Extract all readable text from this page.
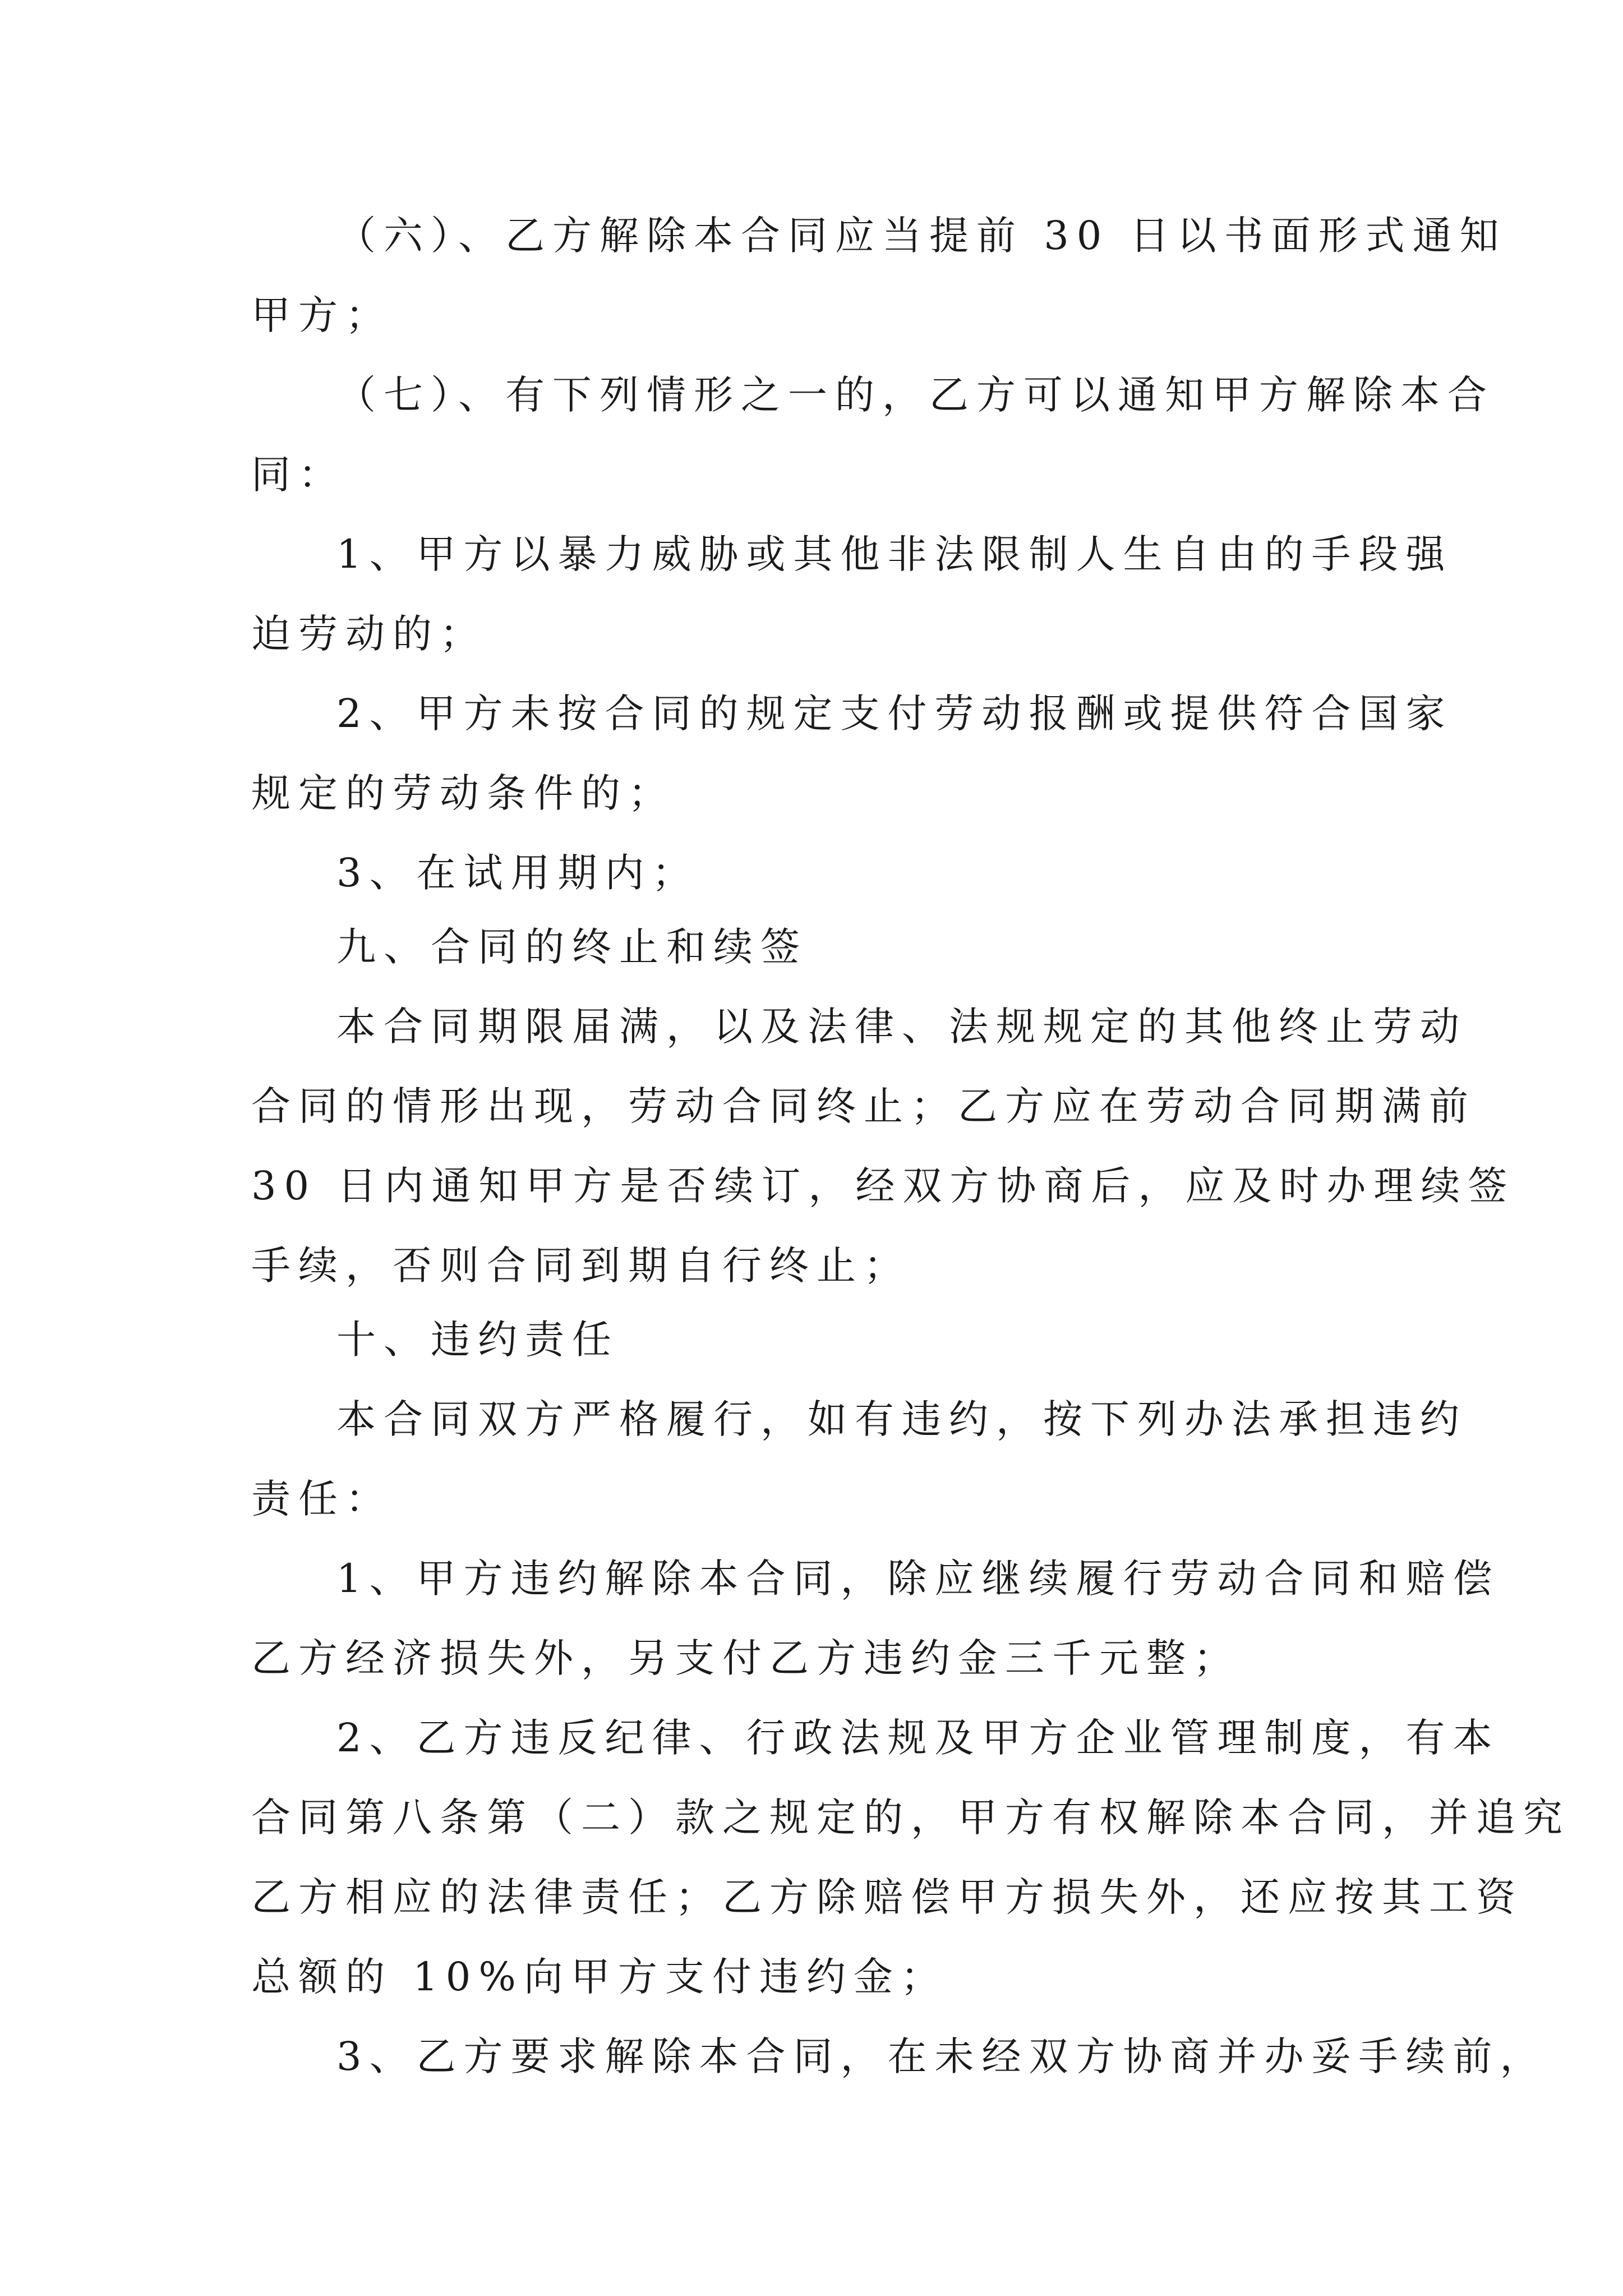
（六）、乙方解除本合同应当提前 30 日以书面形式通知
甲方；
（七）、有下列情形之一的，乙方可以通知甲方解除本合
同：
1、甲方以暴力威胁或其他非法限制人生自由的手段强
迫劳动的；
2、甲方未按合同的规定支付劳动报酬或提供符合国家
规定的劳动条件的；
3、在试用期内；
九、合同的终止和续签
本合同期限届满，以及法律、法规规定的其他终止劳动
合同的情形出现，劳动合同终止；乙方应在劳动合同期满前
30 日内通知甲方是否续订，经双方协商后，应及时办理续签
手续，否则合同到期自行终止；
十、违约责任
本合同双方严格履行，如有违约，按下列办法承担违约
责任：
1、甲方违约解除本合同，除应继续履行劳动合同和赔偿
乙方经济损失外，另支付乙方违约金三千元整；
2、乙方违反纪律、行政法规及甲方企业管理制度，有本
合同第八条第（二）款之规定的，甲方有权解除本合同，并追究
乙方相应的法律责任；乙方除赔偿甲方损失外，还应按其工资
总额的 10%向甲方支付违约金；
3、乙方要求解除本合同，在未经双方协商并办妥手续前，
